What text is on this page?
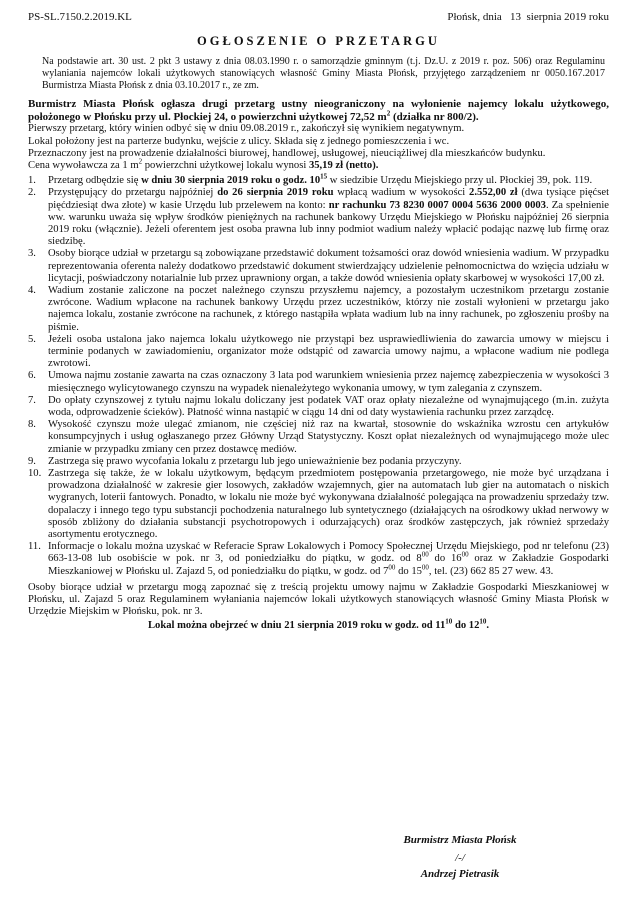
PS-SL.7150.2.2019.KL	Płońsk, dnia   13  sierpnia 2019 roku
OGŁOSZENIE O PRZETARGU

Na podstawie art. 30 ust. 2 pkt 3 ustawy z dnia 08.03.1990 r. o samorządzie gminnym (t.j. Dz.U. z 2019 r. poz. 506) oraz Regulaminu wylaniania najemców lokali użytkowych stanowiących własność Gminy Miasta Płońsk, przyjętego zarządzeniem nr 0050.167.2017 Burmistrza Miasta Płońsk z dnia 03.10.2017 r., ze zm.

Burmistrz Miasta Płońsk ogłasza drugi przetarg ustny nieograniczony na wyłonienie najemcy lokalu użytkowego, położonego w Płońsku przy ul. Płockiej 24, o powierzchni użytkowej 72,52 $m^2$ (działka nr 800/2).

Pierwszy przetarg, który winien odbyć się w dniu 09.08.2019 r., zakończył się wynikiem negatywnym.

Lokal położony jest na parterze budynku, wejście z ulicy. Składa się z jednego pomieszczenia i wc.

Przeznaczony jest na prowadzenie działalności biurowej, handlowej, usługowej, nieuciążliwej dla mieszkańców budynku.

Cena wywoławcza za 1 $m^2$ powierzchni użytkowej lokalu wynosi 35,19 zł (netto).

1.	Przetarg odbędzie się w dniu 30 sierpnia 2019 roku o godz. $10^{15}$ w siedzibie Urzędu Miejskiego przy ul. Płockiej 39, pok. 119.
2.	Przystępujący do przetargu najpóźniej do 26 sierpnia 2019 roku wpłacą wadium w wysokości 2.552,00 zł (dwa tysiące pięćset pięćdziesiąt dwa złote) w kasie Urzędu lub przelewem na konto: nr rachunku 73 8230 0007 0004 5636 2000 0003. Za spełnienie ww. warunku uważa się wpływ środków pieniężnych na rachunek bankowy Urzędu Miejskiego w Płońsku najpóźniej 26 sierpnia 2019 roku (włącznie). Jeżeli oferentem jest osoba prawna lub inny podmiot wadium należy wpłacić podając nazwę lub firmę oraz siedzibę.
3.	Osoby biorące udział w przetargu są zobowiązane przedstawić dokument tożsamości oraz dowód wniesienia wadium. W przypadku reprezentowania oferenta należy dodatkowo przedstawić dokument stwierdzający udzielenie pełnomocnictwa do wzięcia udziału w licytacji, poświadczony notarialnie lub przez uprawniony organ, a także dowód wniesienia opłaty skarbowej w wysokości 17,00 zł.
4.	Wadium zostanie zaliczone na poczet należnego czynszu przyszłemu najemcy, a pozostałym uczestnikom przetargu zostanie zwrócone. Wadium wpłacone na rachunek bankowy Urzędu przez uczestników, którzy nie zostali wyłonieni w przetargu jako najemca lokalu, zostanie zwrócone na rachunek, z którego nastąpiła wpłata wadium lub na inny rachunek, po zgłoszeniu prośby na piśmie.
5.	Jeżeli osoba ustalona jako najemca lokalu użytkowego nie przystąpi bez usprawiedliwienia do zawarcia umowy w miejscu i terminie podanych w zawiadomieniu, organizator może odstąpić od zawarcia umowy najmu, a wpłacone wadium nie podlega zwrotowi.
6.	Umowa najmu zostanie zawarta na czas oznaczony 3 lata pod warunkiem wniesienia przez najemcę zabezpieczenia w wysokości 3 miesięcznego wylicytowanego czynszu na wypadek nienależytego wykonania umowy, w tym zalegania z czynszem.
7.	Do opłaty czynszowej z tytułu najmu lokalu doliczany jest podatek VAT oraz opłaty niezależne od wynajmującego (m.in. zużyta woda, odprowadzenie ścieków). Płatność winna nastąpić w ciągu 14 dni od daty wystawienia rachunku przez zarządcę.
8.	Wysokość czynszu może ulegać zmianom, nie częściej niż raz na kwartał, stosownie do wskaźnika wzrostu cen artykułów konsumpcyjnych i usług ogłaszanego przez Główny Urząd Statystyczny. Koszt opłat niezależnych od wynajmującego może ulec zmianie w przypadku zmiany cen przez dostawcę mediów.
9.	Zastrzega się prawo wycofania lokalu z przetargu lub jego unieważnienie bez podania przyczyny.
10. Zastrzega się także, że w lokalu użytkowym, będącym przedmiotem postępowania przetargowego, nie może być urządzana i prowadzona działalność w zakresie gier losowych, zakładów wzajemnych, gier na automatach lub gier na automatach o niskich wygranych, loterii fantowych. Ponadto, w lokalu nie może być wykonywana działalność polegająca na prowadzeniu sprzedaży tzw. dopalaczy i innego tego typu substancji pochodzenia naturalnego lub syntetycznego (działających na ośrodkowy układ nerwowy w sposób zbliżony do działania substancji psychotropowych i odurzających) oraz środków zastępczych, jak również sprzedaży asortymentu erotycznego.
11. Informacje o lokalu można uzyskać w Referacie Spraw Lokalowych i Pomocy Społecznej Urzędu Miejskiego, pod nr telefonu (23) 663-13-08 lub osobiście w pok. nr 3, od poniedziałku do piątku, w godz. od $8^{00}$ do $16^{00}$ oraz w Zakładzie Gospodarki Mieszkaniowej w Płońsku ul. Zajazd 5, od poniedziałku do piątku, w godz. od $7^{00}$ do $15^{00}$, tel. (23) 662 85 27 wew. 43.

Osoby biorące udział w przetargu mogą zapoznać się z treścią projektu umowy najmu w Zakładzie Gospodarki Mieszkaniowej w Płońsku, ul. Zajazd 5 oraz Regulaminem wyłaniania najemców lokali użytkowych stanowiących własność Gminy Miasta Płońsk w Urzędzie Miejskim w Płońsku, pok. nr 3.

Lokal można obejrzeć w dniu 21 sierpnia 2019 roku w godz. od $11^{10}$ do $12^{10}$.

Burmistrz Miasta Płońsk
/-/
Andrzej Pietrasik
